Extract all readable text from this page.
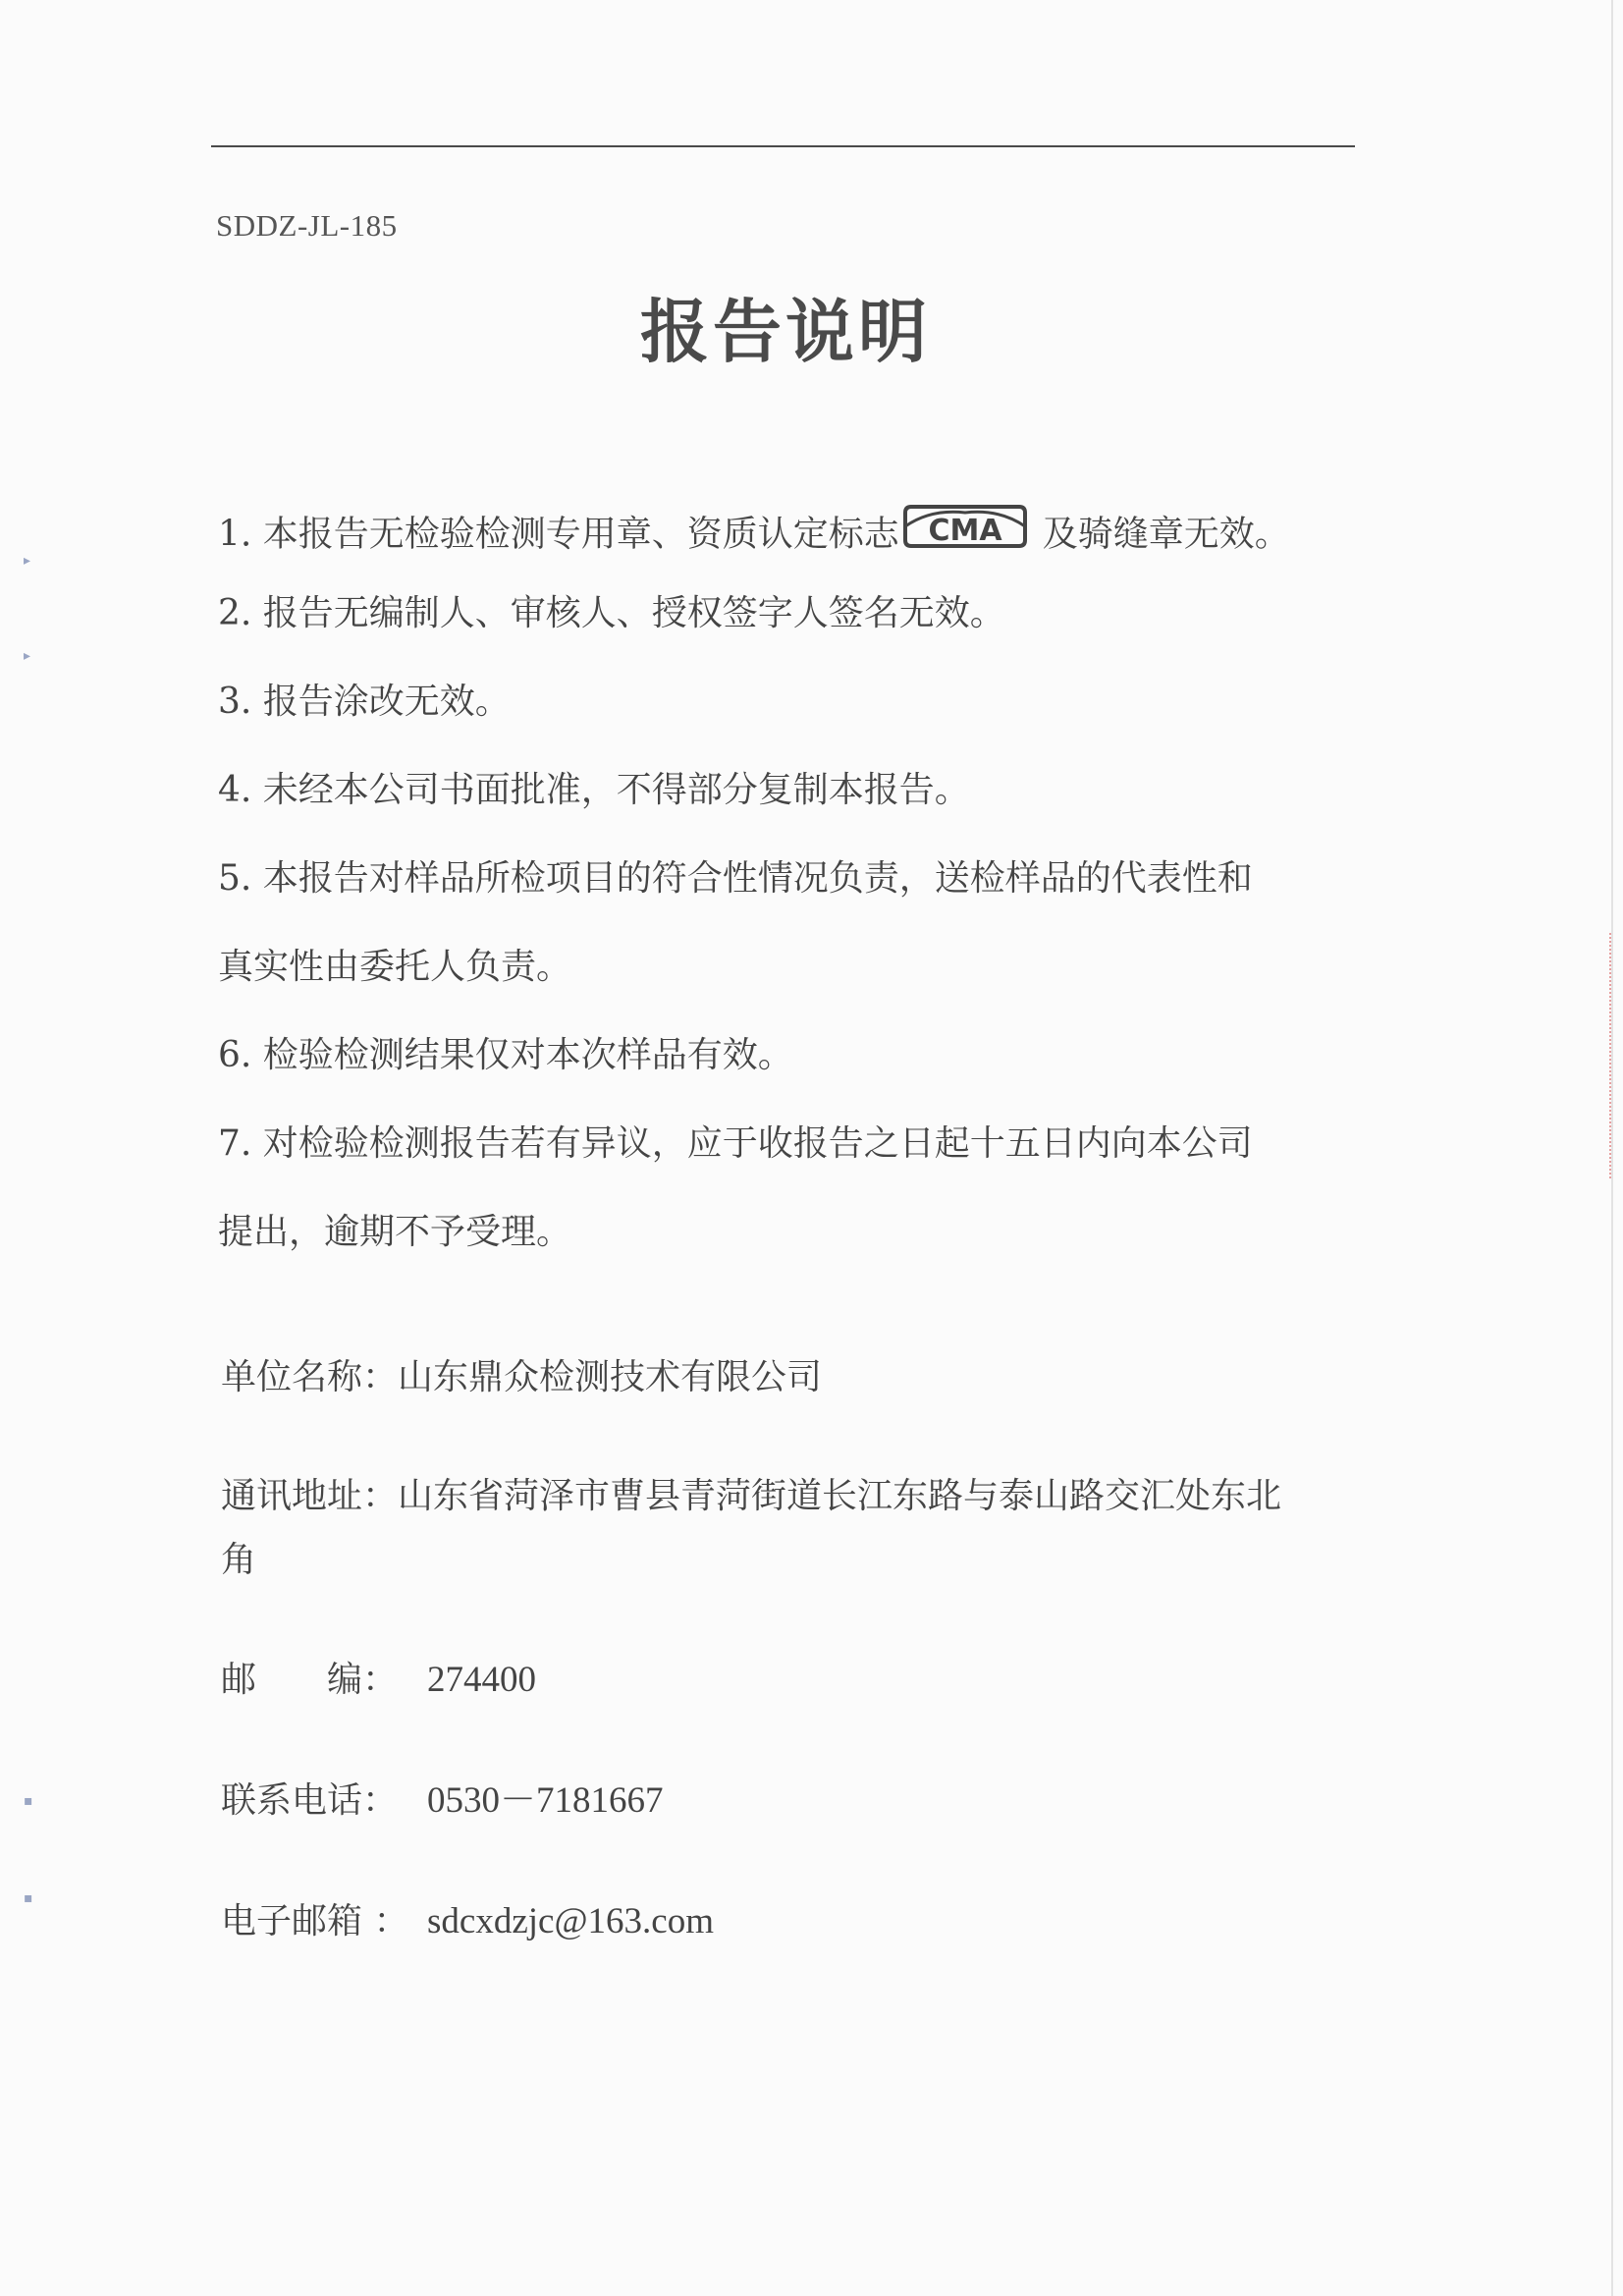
▸
▸
▪
▪
SDDZ-JL-185
报告说明
1. 本报告无检验检测专用章、资质认定标志 CMA 及骑缝章无效。
2. 报告无编制人、审核人、授权签字人签名无效。
3. 报告涂改无效。
4. 未经本公司书面批准，不得部分复制本报告。
5. 本报告对样品所检项目的符合性情况负责，送检样品的代表性和
真实性由委托人负责。
6. 检验检测结果仅对本次样品有效。
7. 对检验检测报告若有异议，应于收报告之日起十五日内向本公司
提出，逾期不予受理。
单位名称：山东鼎众检测技术有限公司
通讯地址：山东省菏泽市曹县青菏街道长江东路与泰山路交汇处东北
角
邮　　编： 274400
联系电话： 0530－7181667
电子邮箱 ： sdcxdzjc@163.com
